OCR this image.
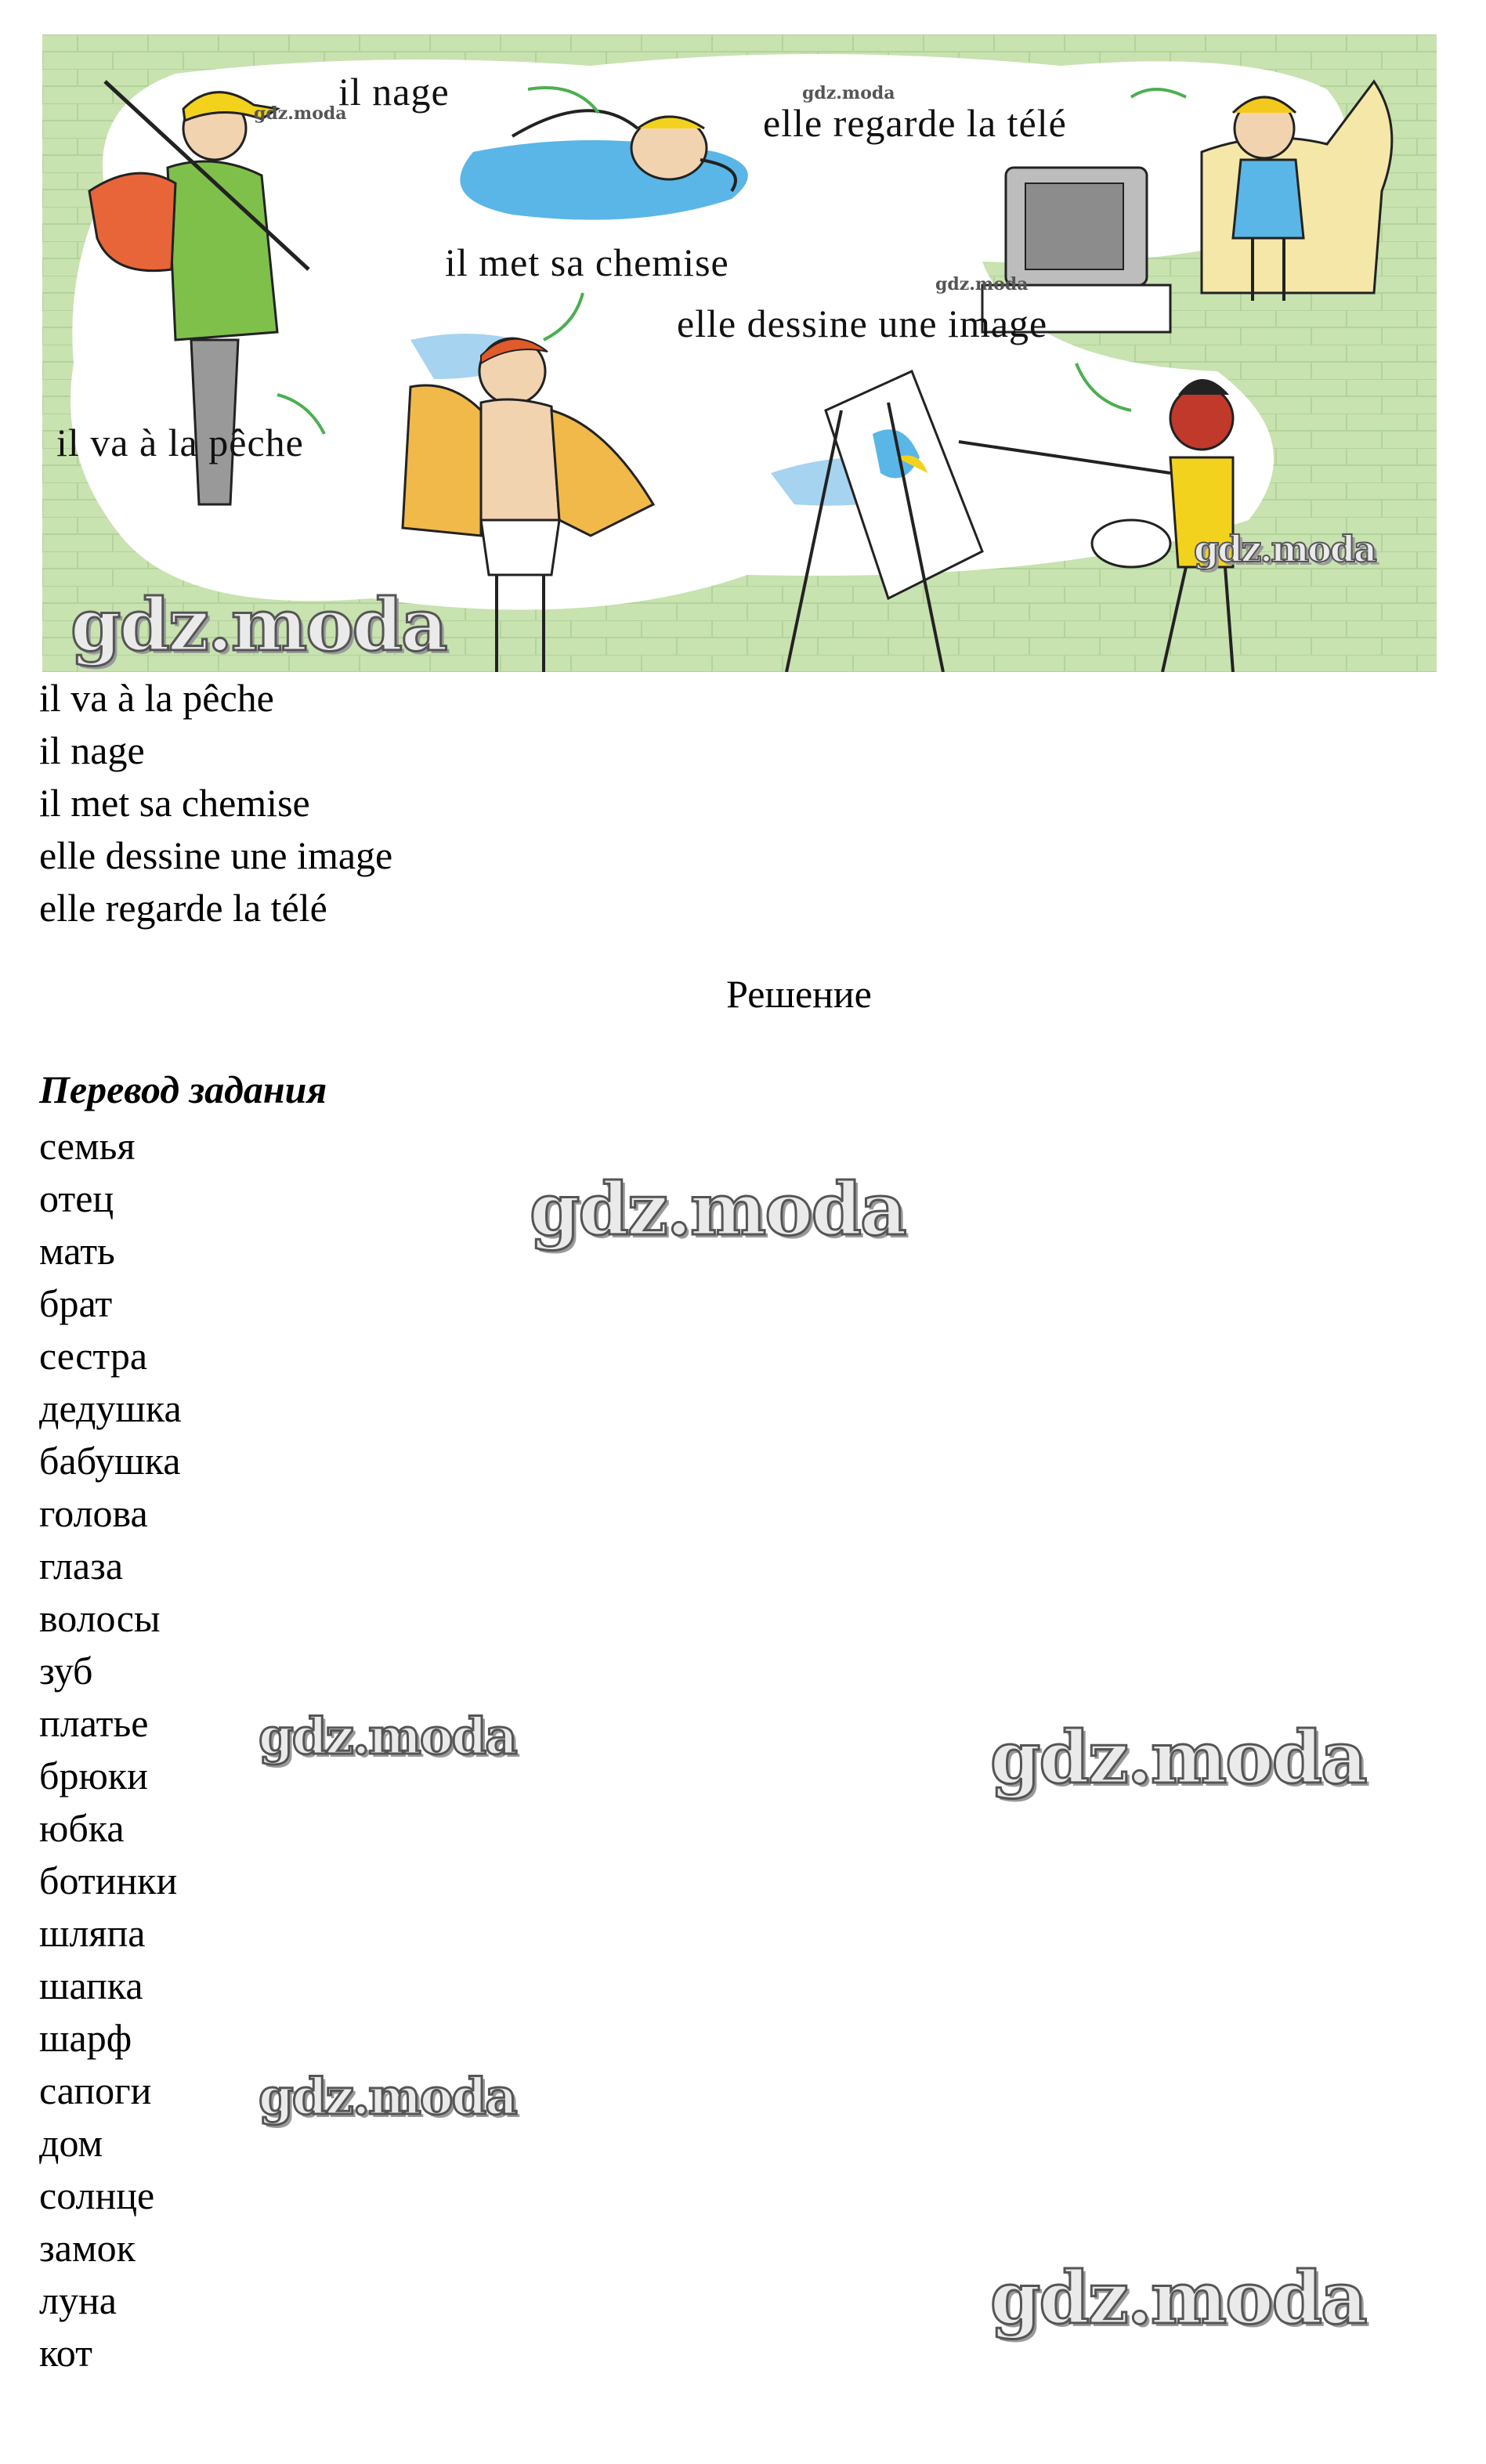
il nage
elle regarde la télé
il met sa chemise
elle dessine une image
il va à la pêche
gdz.moda
gdz.moda
gdz.moda
gdz.moda
gdz.moda
il va à la pêche
il nage
il met sa chemise
elle dessine une image
elle regarde la télé
Решение
Перевод задания
семья
отец
мать
брат
сестра
дедушка
бабушка
голова
глаза
волосы
зуб
платье
брюки
юбка
ботинки
шляпа
шапка
шарф
сапоги
дом
солнце
замок
луна
кот
gdz.moda
gdz.moda	gdz.moda
gdz.moda
gdz.moda
